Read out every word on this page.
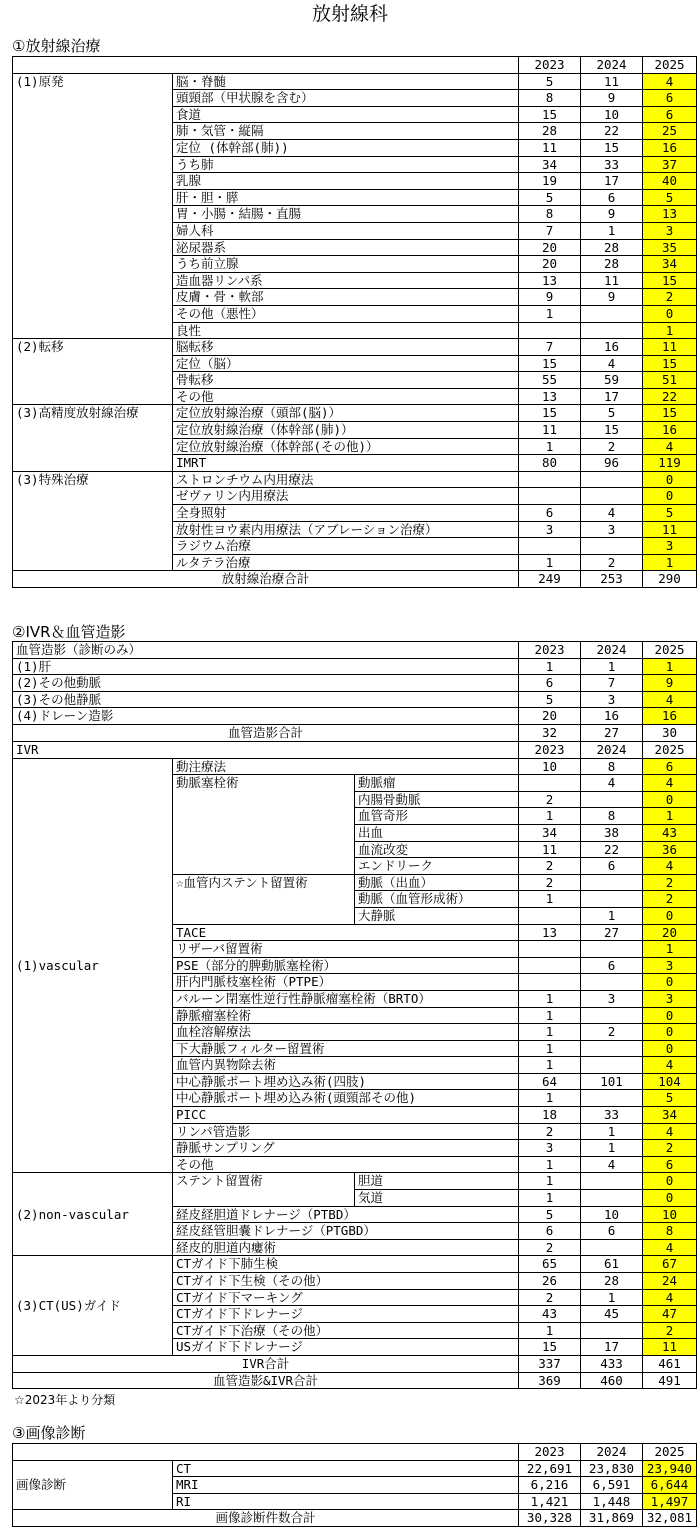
放射線科
①放射線治療
		2023	2024	2025
(1)原発	脳・脊髄	5	11	4
	頭頸部（甲状腺を含む）	8	9	6
	食道	15	10	6
	肺・気管・縦隔	28	22	25
	定位 (体幹部(肺))	11	15	16
	うち肺	34	33	37
	乳腺	19	17	40
	肝・胆・膵	5	6	5
	胃・小腸・結腸・直腸	8	9	13
	婦人科	7	1	3
	泌尿器系	20	28	35
	うち前立腺	20	28	34
	造血器リンパ系	13	11	15
	皮膚・骨・軟部	9	9	2
	その他（悪性）	1		0
	良性			1
(2)転移	脳転移	7	16	11
	定位（脳）	15	4	15
	骨転移	55	59	51
	その他	13	17	22
(3)高精度放射線治療	定位放射線治療（頭部(脳)）	15	5	15
	定位放射線治療（体幹部(肺)）	11	15	16
	定位放射線治療（体幹部(その他)）	1	2	4
	IMRT	80	96	119
(3)特殊治療	ストロンチウム内用療法			0
	ゼヴァリン内用療法			0
	全身照射	6	4	5
	放射性ヨウ素内用療法（アブレーション治療）	3	3	11
	ラジウム治療			3
	ルタテラ治療	1	2	1
放射線治療合計		249	253	290
②IVR＆血管造影
血管造影（診断のみ）	2023	2024	2025
(1)肝	1	1	1
(2)その他動脈	6	7	9
(3)その他静脈	5	3	4
(4)ドレーン造影	20	16	16
血管造影合計	32	27	30
IVR			2023	2024	2025
(1)vascular	動注療法		10	8	6
	動脈塞栓術	動脈瘤		4	4
		内腸骨動脈	2		0
		血管奇形	1	8	1
		出血	34	38	43
		血流改変	11	22	36
		エンドリーク	2	6	4
	☆血管内ステント留置術	動脈（出血）	2		2
		動脈（血管形成術）	1		2
		大静脈		1	0
	TACE		13	27	20
	リザーバ留置術				1
	PSE（部分的脾動脈塞栓術）			6	3
	肝内門脈枝塞栓術（PTPE）				0
	バルーン閉塞性逆行性静脈瘤塞栓術（BRTO）		1	3	3
	静脈瘤塞栓術		1		0
	血栓溶解療法		1	2	0
	下大静脈フィルター留置術		1		0
	血管内異物除去術		1		4
	中心静脈ポート埋め込み術(四肢)		64	101	104
	中心静脈ポート埋め込み術(頭頸部その他)		1		5
	PICC		18	33	34
	リンパ管造影		2	1	4
	静脈サンプリング		3	1	2
	その他		1	4	6
(2)non-vascular	ステント留置術	胆道	1		0
		気道	1		0
	経皮経胆道ドレナージ（PTBD）		5	10	10
	経皮経管胆嚢ドレナージ（PTGBD）		6	6	8
	経皮的胆道内瘻術		2		4
(3)CT(US)ガイド	CTガイド下肺生検		65	61	67
	CTガイド下生検（その他）		26	28	24
	CTガイド下マーキング		2	1	4
	CTガイド下ドレナージ		43	45	47
	CTガイド下治療（その他）		1		2
	USガイド下ドレナージ		15	17	11
IVR合計			337	433	461
血管造影&IVR合計			369	460	491
☆2023年より分類
③画像診断
		2023	2024	2025
画像診断	CT	22,691	23,830	23,940
	MRI	6,216	6,591	6,644
	RI	1,421	1,448	1,497
画像診断件数合計		30,328	31,869	32,081
